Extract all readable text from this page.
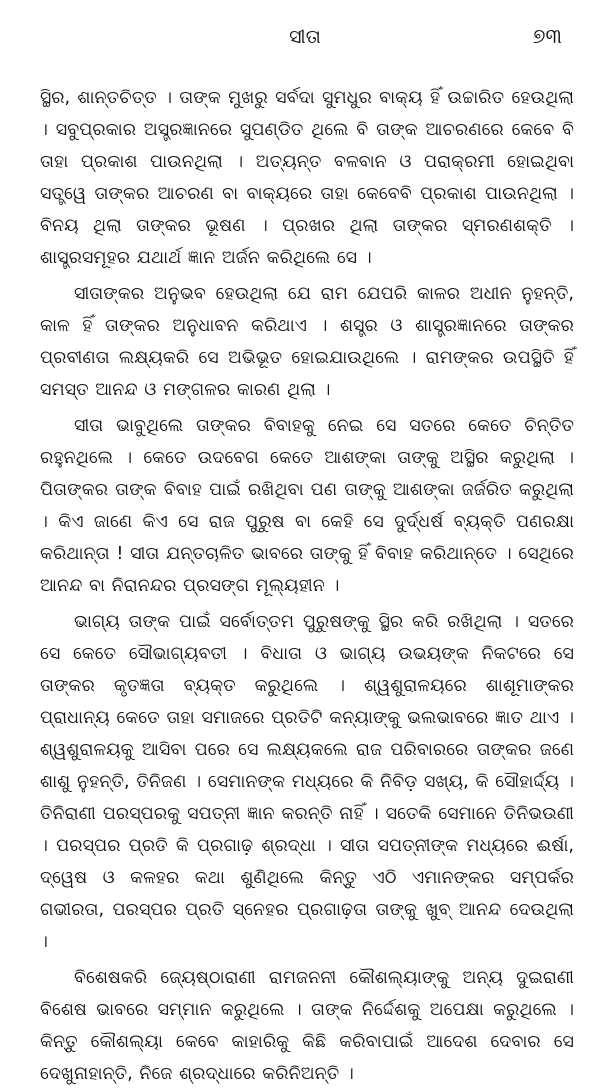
ସୀତା	୭୩

ସ୍ଥିର, ଶାନ୍ତଚିତ୍ତ । ତାଙ୍କ ମୁଖରୁ ସର୍ବଦା ସୁମଧୁର ବାକ୍ୟ ହିଁ ଉଚ୍ଚାରିତ ହେଉଥିଲା । ସବୁପ୍ରକାର ଅସ୍ତ୍ରଜ୍ଞାନରେ ସୁପଣ୍ଡିତ ଥିଲେ ବି ତାଙ୍କ ଆଚରଣରେ କେବେ ବି ତାହା ପ୍ରକାଶ ପାଉନଥିଲା । ଅତ୍ୟନ୍ତ ବଳବାନ ଓ ପରାକ୍ରମୀ ହୋଇଥିବା ସତ୍ତ୍ୱେ ତାଙ୍କର ଆଚରଣ ବା ବାକ୍ୟରେ ତାହା କେବେବି ପ୍ରକାଶ ପାଉନଥିଲା । ବିନୟ ଥିଲା ତାଙ୍କର ଭୂଷଣ । ପ୍ରଖର ଥିଲା ତାଙ୍କର ସ୍ମରଣଶକ୍ତି । ଶାସ୍ତ୍ରସମୂହର ଯଥାର୍ଥ ଜ୍ଞାନ ଅର୍ଜନ କରିଥିଲେ ସେ ।

ସୀତାଙ୍କର ଅନୁଭବ ହେଉଥିଲା ଯେ ରାମ ଯେପରି କାଳର ଅଧୀନ ନୁହନ୍ତି, କାଳ ହିଁ ତାଙ୍କର ଅନୁଧାବନ କରିଥାଏ । ଶସ୍ତ୍ର ଓ ଶାସ୍ତ୍ରଜ୍ଞାନରେ ତାଙ୍କର ପ୍ରବୀଣତା ଲକ୍ଷ୍ୟକରି ସେ ଅଭିଭୂତ ହୋଇଯାଉଥିଲେ । ରାମଙ୍କର ଉପସ୍ଥିତି ହିଁ ସମସ୍ତ ଆନନ୍ଦ ଓ ମଙ୍ଗଳର କାରଣ ଥିଲା ।

ସୀତା ଭାବୁଥିଲେ ତାଙ୍କର ବିବାହକୁ ନେଇ ସେ ସତରେ କେତେ ଚିନ୍ତିତ ରହୁନଥିଲେ । କେତେ ଉଦବେଗ କେତେ ଆଶଙ୍କା ତାଙ୍କୁ ଅସ୍ଥିର କରୁଥିଲା । ପିତାଙ୍କର ତାଙ୍କ ବିବାହ ପାଇଁ ରଖିଥିବା ପଣ ତାଙ୍କୁ ଆଶଙ୍କା ଜର୍ଜରିତ କରୁଥିଲା । କିଏ ଜାଣେ କିଏ ସେ ରାଜ ପୁରୁଷ ବା କେହି ସେ ଦୁର୍ଦ୍ଧର୍ଷ ବ୍ୟକ୍ତି ପଣରକ୍ଷା କରିଥାନ୍ତା ! ସୀତା ଯନ୍ତଚାଳିତ ଭାବରେ ତାଙ୍କୁ ହିଁ ବିବାହ କରିଥାନ୍ତେ । ସେଥିରେ ଆନନ୍ଦ ବା ନିରାନନ୍ଦର ପ୍ରସଙ୍ଗ ମୂଲ୍ୟହୀନ ।

ଭାଗ୍ୟ ତାଙ୍କ ପାଇଁ ସର୍ବୋତ୍ତମ ପୁରୁଷଙ୍କୁ ସ୍ଥିର କରି ରଖିଥିଲା । ସତରେ ସେ କେତେ ସୌଭାଗ୍ୟବତୀ । ବିଧାତା ଓ ଭାଗ୍ୟ ଉଭୟଙ୍କ ନିକଟରେ ସେ ତାଙ୍କର କୃତଜ୍ଞତା ବ୍ୟକ୍ତ କରୁଥିଲେ । ଶ୍ୱଶୁରାଳୟରେ ଶାଶୂମାଙ୍କର ପ୍ରାଧାନ୍ୟ କେତେ ତାହା ସମାଜରେ ପ୍ରତିଟି କନ୍ୟାଙ୍କୁ ଭଲଭାବରେ ଜ୍ଞାତ ଥାଏ । ଶ୍ୱଶୁରାଳୟକୁ ଆସିବା ପରେ ସେ ଲକ୍ଷ୍ୟକଲେ ରାଜ ପରିବାରରେ ତାଙ୍କର ଜଣେ ଶାଶୁ ନୁହନ୍ତି, ତିନିଜଣ । ସେମାନଙ୍କ ମଧ୍ୟରେ କି ନିବିଡ଼ ସଖ୍ୟ, କି ସୌହାର୍ଦ୍ଦ୍ୟ । ତିନିରାଣୀ ପରସ୍ପରକୁ ସପତ୍ନୀ ଜ୍ଞାନ କରନ୍ତି ନାହିଁ । ସତେକି ସେମାନେ ତିନିଭଉଣୀ । ପରସ୍ପର ପ୍ରତି କି ପ୍ରଗାଢ଼ ଶ୍ରଦ୍ଧା । ସୀତା ସପତ୍ନୀଙ୍କ ମଧ୍ୟରେ ଈର୍ଷା, ଦ୍ୱେଷ ଓ କଳହର କଥା ଶୁଣିଥିଲେ କିନ୍ତୁ ଏଠି ଏମାନଙ୍କର ସମ୍ପର୍କର ଗଭୀରତା, ପରସ୍ପର ପ୍ରତି ସ୍ନେହର ପ୍ରଗାଢ଼ତା ତାଙ୍କୁ ଖୁବ୍ ଆନନ୍ଦ ଦେଉଥିଲା ।

ବିଶେଷକରି ଜ୍ୟେଷ୍ଠାରାଣୀ ରାମଜନନୀ କୌଶଲ୍ୟାଙ୍କୁ ଅନ୍ୟ ଦୁଇରାଣୀ ବିଶେଷ ଭାବରେ ସମ୍ମାନ କରୁଥିଲେ । ତାଙ୍କ ନିର୍ଦ୍ଦେଶକୁ ଅପେକ୍ଷା କରୁଥିଲେ । କିନ୍ତୁ କୌଶଲ୍ୟା କେବେ କାହାରିକୁ କିଛି କରିବାପାଇଁ ଆଦେଶ ଦେବାର ସେ ଦେଖୁନାହାନ୍ତି, ନିଜେ ଶ୍ରଦ୍ଧାରେ କରିନିଅନ୍ତି ।
